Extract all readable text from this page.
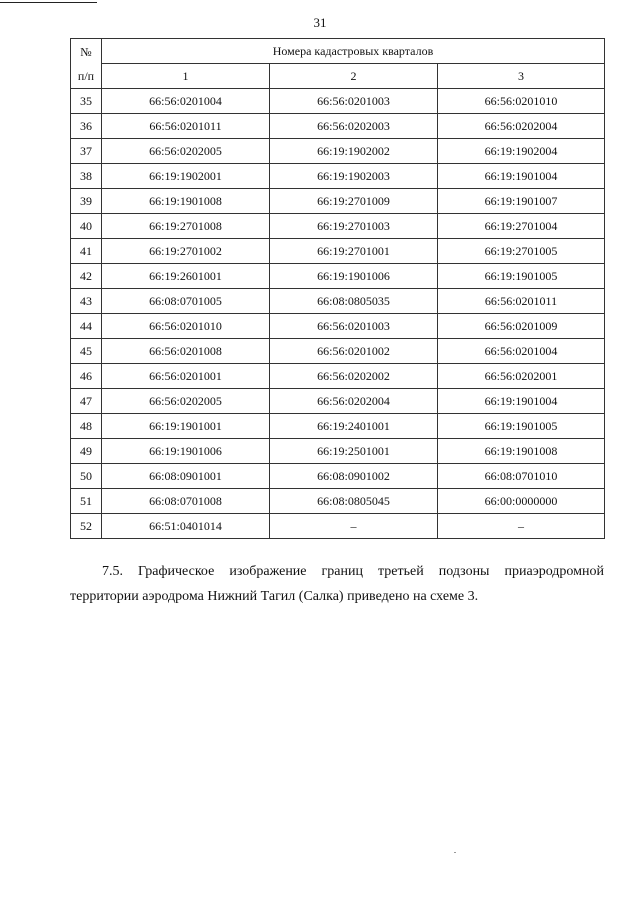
31
№
п/п	Номера кадастровых кварталов		
	1	2	3
35	66:56:0201004	66:56:0201003	66:56:0201010
36	66:56:0201011	66:56:0202003	66:56:0202004
37	66:56:0202005	66:19:1902002	66:19:1902004
38	66:19:1902001	66:19:1902003	66:19:1901004
39	66:19:1901008	66:19:2701009	66:19:1901007
40	66:19:2701008	66:19:2701003	66:19:2701004
41	66:19:2701002	66:19:2701001	66:19:2701005
42	66:19:2601001	66:19:1901006	66:19:1901005
43	66:08:0701005	66:08:0805035	66:56:0201011
44	66:56:0201010	66:56:0201003	66:56:0201009
45	66:56:0201008	66:56:0201002	66:56:0201004
46	66:56:0201001	66:56:0202002	66:56:0202001
47	66:56:0202005	66:56:0202004	66:19:1901004
48	66:19:1901001	66:19:2401001	66:19:1901005
49	66:19:1901006	66:19:2501001	66:19:1901008
50	66:08:0901001	66:08:0901002	66:08:0701010
51	66:08:0701008	66:08:0805045	66:00:0000000
52	66:51:0401014	–	–
7.5. Графическое изображение границ третьей подзоны приаэродромной
территории аэродрома Нижний Тагил (Салка) приведено на схеме 3.
